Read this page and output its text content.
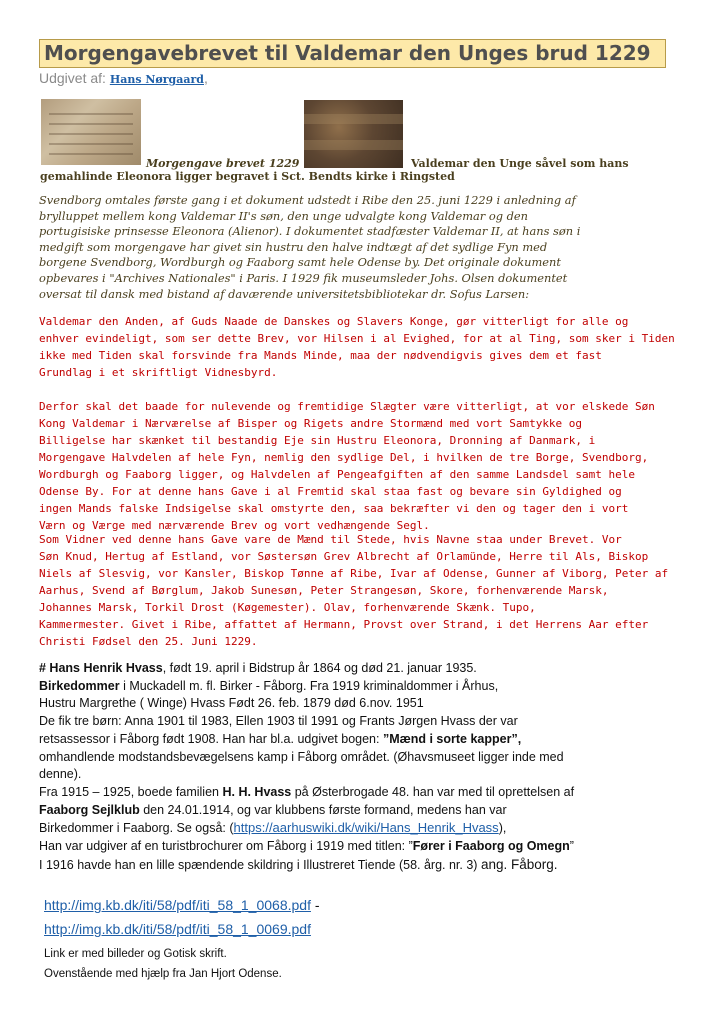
Morgengavebrevet til Valdemar den Unges brud 1229
Udgivet af: Hans Nørgaard,
Morgengave brevet 1229	Valdemar den Unge såvel som hans
gemahlinde Eleonora ligger begravet i Sct. Bendts kirke i Ringsted

Svendborg omtales første gang i et dokument udstedt i Ribe den 25. juni 1229 i anledning af
brylluppet mellem kong Valdemar II's søn, den unge udvalgte kong Valdemar og den
portugisiske prinsesse Eleonora (Alienor). I dokumentet stadfæster Valdemar II, at hans søn i
medgift som morgengave har givet sin hustru den halve indtægt af det sydlige Fyn med
borgene Svendborg, Wordburgh og Faaborg samt hele Odense by. Det originale dokument
opbevares i "Archives Nationales" i Paris. I 1929 fik museumsleder Johs. Olsen dokumentet
oversat til dansk med bistand af daværende universitetsbibliotekar dr. Sofus Larsen:

Valdemar den Anden, af Guds Naade de Danskes og Slavers Konge, gør vitterligt for alle og
enhver evindeligt, som ser dette Brev, vor Hilsen i al Evighed, for at al Ting, som sker i Tiden
ikke med Tiden skal forsvinde fra Mands Minde, maa der nødvendigvis gives dem et fast
Grundlag i et skriftligt Vidnesbyrd.

Derfor skal det baade for nulevende og fremtidige Slægter være vitterligt, at vor elskede Søn
Kong Valdemar i Nærværelse af Bisper og Rigets andre Stormænd med vort Samtykke og
Billigelse har skænket til bestandig Eje sin Hustru Eleonora, Dronning af Danmark, i
Morgengave Halvdelen af hele Fyn, nemlig den sydlige Del, i hvilken de tre Borge, Svendborg,
Wordburgh og Faaborg ligger, og Halvdelen af Pengeafgiften af den samme Landsdel samt hele
Odense By. For at denne hans Gave i al Fremtid skal staa fast og bevare sin Gyldighed og
ingen Mands falske Indsigelse skal omstyrte den, saa bekræfter vi den og tager den i vort
Værn og Værge med nærværende Brev og vort vedhængende Segl.

Som Vidner ved denne hans Gave vare de Mænd til Stede, hvis Navne staa under Brevet. Vor
Søn Knud, Hertug af Estland, vor Søstersøn Grev Albrecht af Orlamünde, Herre til Als, Biskop
Niels af Slesvig, vor Kansler, Biskop Tønne af Ribe, Ivar af Odense, Gunner af Viborg, Peter af
Aarhus, Svend af Børglum, Jakob Sunesøn, Peter Strangesøn, Skore, forhenværende Marsk,
Johannes Marsk, Torkil Drost (Køgemester). Olav, forhenværende Skænk. Tupo,
Kammermester. Givet i Ribe, affattet af Hermann, Provst over Strand, i det Herrens Aar efter
Christi Fødsel den 25. Juni 1229.

# Hans Henrik Hvass, født 19. april i Bidstrup år 1864 og død 21. januar 1935.
Birkedommer i Muckadell m. fl. Birker - Fåborg. Fra 1919 kriminaldommer i Århus,
Hustru Margrethe ( Winge) Hvass Født 26. feb. 1879 død 6.nov. 1951
De fik tre børn: Anna 1901 til 1983, Ellen 1903 til 1991 og Frants Jørgen Hvass der var
retsassessor i Fåborg født 1908. Han har bl.a. udgivet bogen: ”Mænd i sorte kapper”,
omhandlende modstandsbevægelsens kamp i Fåborg området. (Øhavsmuseet ligger inde med
denne).
Fra 1915 – 1925, boede familien H. H. Hvass på Østerbrogade 48. han var med til oprettelsen af
Faaborg Sejlklub den 24.01.1914, og var klubbens første formand, medens han var
Birkedommer i Faaborg. Se også: (https://aarhuswiki.dk/wiki/Hans_Henrik_Hvass),
Han var udgiver af en turistbrochurer om Fåborg i 1919 med titlen: ”Fører i Faaborg og Omegn”
I 1916 havde han en lille spændende skildring i Illustreret Tiende (58. årg. nr. 3) ang. Fåborg.
http://img.kb.dk/iti/58/pdf/iti_58_1_0068.pdf -
http://img.kb.dk/iti/58/pdf/iti_58_1_0069.pdf
Link er med billeder og Gotisk skrift.
Ovenstående med hjælp fra Jan Hjort Odense.
